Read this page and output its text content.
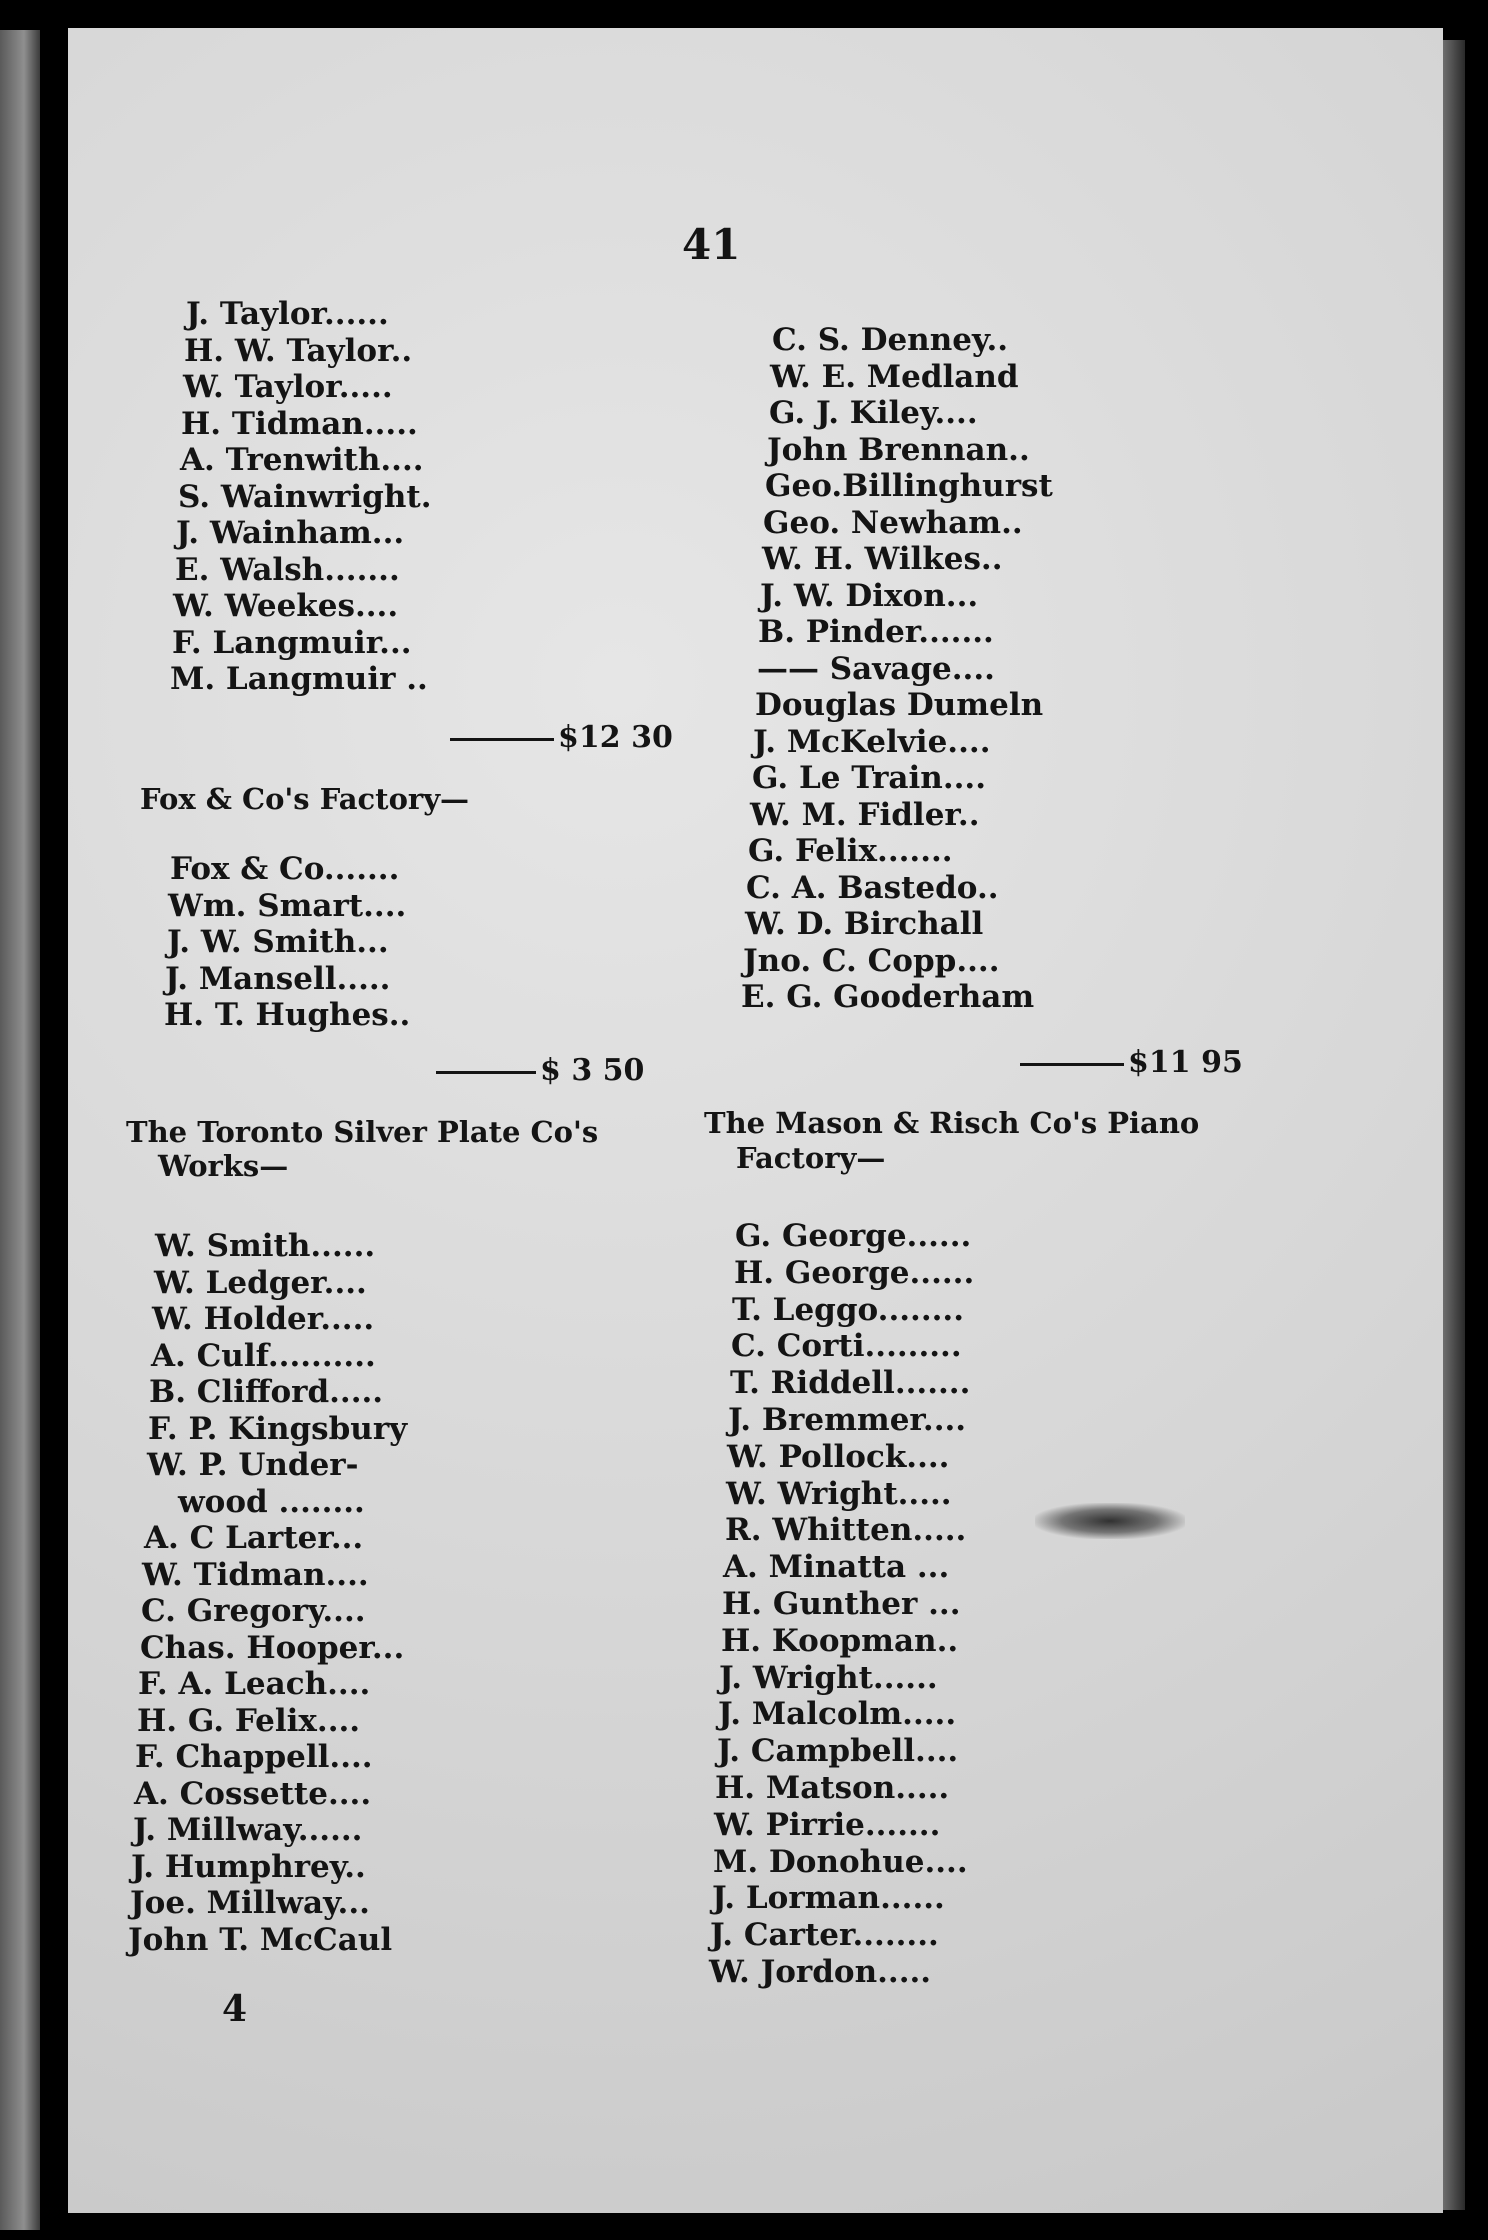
41
J. Taylor......
H. W. Taylor..
W. Taylor.....
H. Tidman.....
A. Trenwith....
S. Wainwright.
J. Wainham...
E. Walsh.......
W. Weekes....
F. Langmuir...
M. Langmuir ..
$12 30
Fox & Co's Factory—
Fox & Co.......
Wm. Smart....
J. W. Smith...
J. Mansell.....
H. T. Hughes..
$ 3 50
The Toronto Silver Plate Co's
Works—
W. Smith......
W. Ledger....
W. Holder.....
A. Culf..........
B. Clifford.....
F. P. Kingsbury
W. P. Under-
wood ........
A. C Larter...
W. Tidman....
C. Gregory....
Chas. Hooper...
F. A. Leach....
H. G. Felix....
F. Chappell....
A. Cossette....
J. Millway......
J. Humphrey..
Joe. Millway...
John T. McCaul
C. S. Denney..
W. E. Medland
G. J. Kiley....
John Brennan..
Geo.Billinghurst
Geo. Newham..
W. H. Wilkes..
J. W. Dixon...
B. Pinder.......
—— Savage....
Douglas Dumeln
J. McKelvie....
G. Le Train....
W. M. Fidler..
G. Felix.......
C. A. Bastedo..
W. D. Birchall
Jno. C. Copp....
E. G. Gooderham
$11 95
The Mason & Risch Co's Piano
Factory—
G. George......
H. George......
T. Leggo........
C. Corti.........
T. Riddell.......
J. Bremmer....
W. Pollock....
W. Wright.....
R. Whitten.....
A. Minatta ...
H. Gunther ...
H. Koopman..
J. Wright......
J. Malcolm.....
J. Campbell....
H. Matson.....
W. Pirrie.......
M. Donohue....
J. Lorman......
J. Carter........
W. Jordon.....
4
